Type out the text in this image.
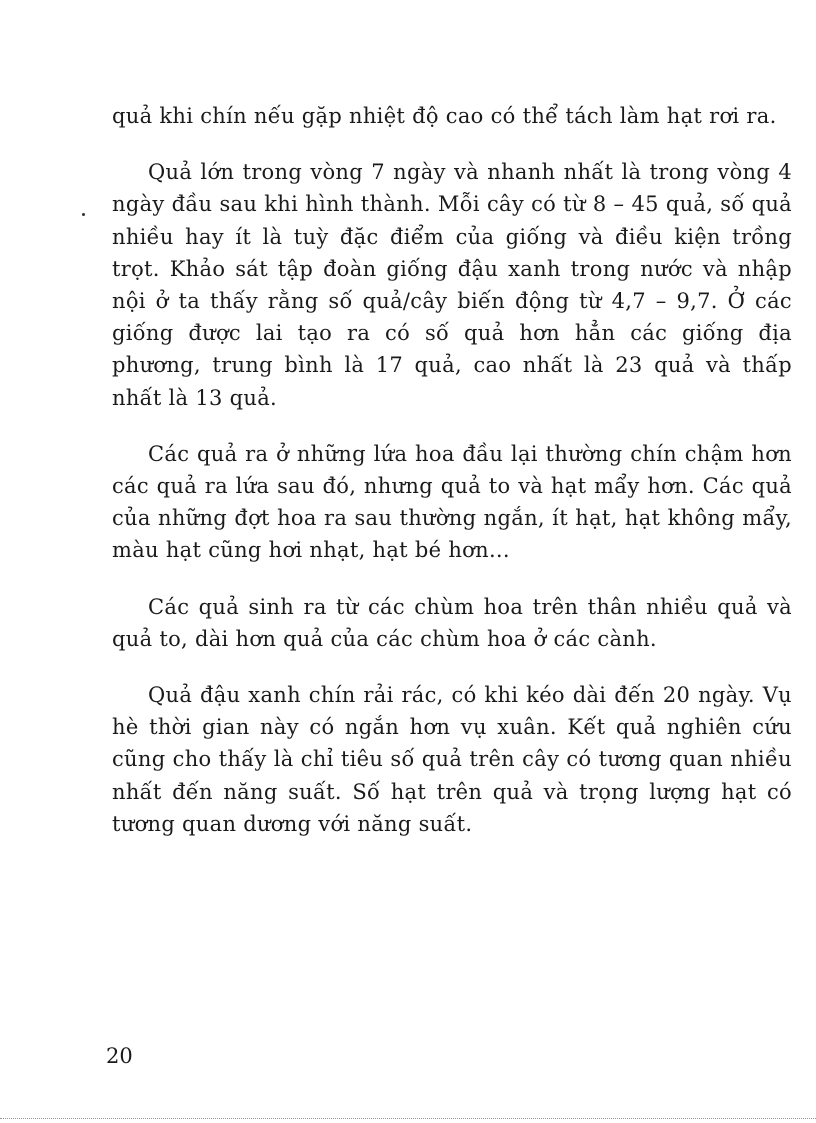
quả khi chín nếu gặp nhiệt độ cao có thể tách làm hạt rơi ra.

Quả lớn trong vòng 7 ngày và nhanh nhất là trong vòng 4 ngày đầu sau khi hình thành. Mỗi cây có từ 8 – 45 quả, số quả nhiều hay ít là tuỳ đặc điểm của giống và điều kiện trồng trọt. Khảo sát tập đoàn giống đậu xanh trong nước và nhập nội ở ta thấy rằng số quả/cây biến động từ 4,7 – 9,7. Ở các giống được lai tạo ra có số quả hơn hẳn các giống địa phương, trung bình là 17 quả, cao nhất là 23 quả và thấp nhất là 13 quả.

Các quả ra ở những lứa hoa đầu lại thường chín chậm hơn các quả ra lứa sau đó, nhưng quả to và hạt mẩy hơn. Các quả của những đợt hoa ra sau thường ngắn, ít hạt, hạt không mẩy, màu hạt cũng hơi nhạt, hạt bé hơn...

Các quả sinh ra từ các chùm hoa trên thân nhiều quả và quả to, dài hơn quả của các chùm hoa ở các cành.

Quả đậu xanh chín rải rác, có khi kéo dài đến 20 ngày. Vụ hè thời gian này có ngắn hơn vụ xuân. Kết quả nghiên cứu cũng cho thấy là chỉ tiêu số quả trên cây có tương quan nhiều nhất đến năng suất. Số hạt trên quả và trọng lượng hạt có tương quan dương với năng suất.

20
